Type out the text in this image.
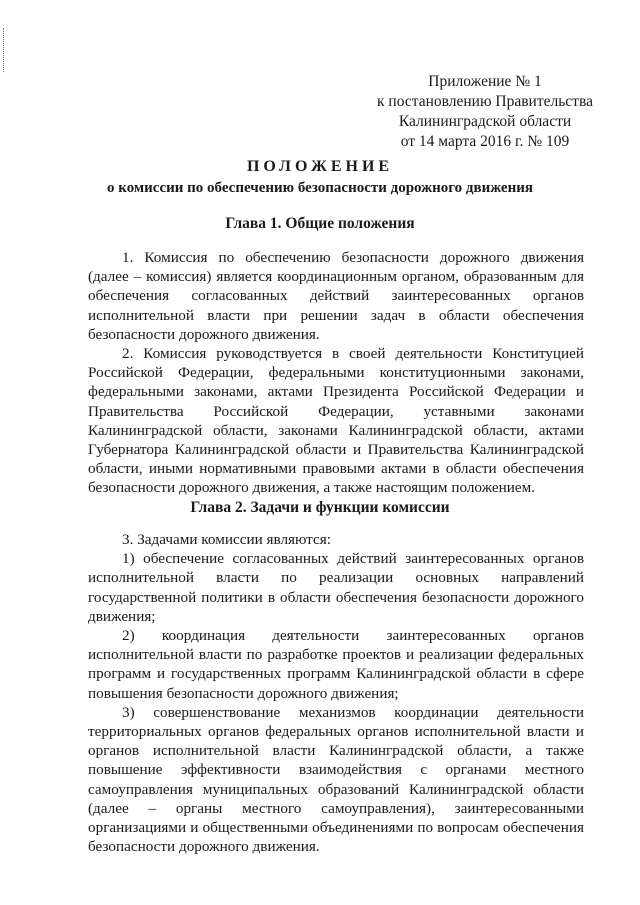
Приложение № 1
к постановлению Правительства
Калининградской области
от 14 марта 2016 г. № 109
ПОЛОЖЕНИЕ
о комиссии по обеспечению безопасности дорожного движения
Глава 1. Общие положения

1. Комиссия по обеспечению безопасности дорожного движения (далее – комиссия) является координационным органом, образованным для обеспечения согласованных действий заинтересованных органов исполнительной власти при решении задач в области обеспечения безопасности дорожного движения.

2. Комиссия руководствуется в своей деятельности Конституцией Российской Федерации, федеральными конституционными законами, федеральными законами, актами Президента Российской Федерации и Правительства Российской Федерации, уставными законами Калининградской области, законами Калининградской области, актами Губернатора Калининградской области и Правительства Калининградской области, иными нормативными правовыми актами в области обеспечения безопасности дорожного движения, а также настоящим положением.

Глава 2. Задачи и функции комиссии

3. Задачами комиссии являются:

1) обеспечение согласованных действий заинтересованных органов исполнительной власти по реализации основных направлений государственной политики в области обеспечения безопасности дорожного движения;

2) координация деятельности заинтересованных органов исполнительной власти по разработке проектов и реализации федеральных программ и государственных программ Калининградской области в сфере повышения безопасности дорожного движения;

3) совершенствование механизмов координации деятельности территориальных органов федеральных органов исполнительной власти и органов исполнительной власти Калининградской области, а также повышение эффективности взаимодействия с органами местного самоуправления муниципальных образований Калининградской области (далее – органы местного самоуправления), заинтересованными организациями и общественными объединениями по вопросам обеспечения безопасности дорожного движения.
